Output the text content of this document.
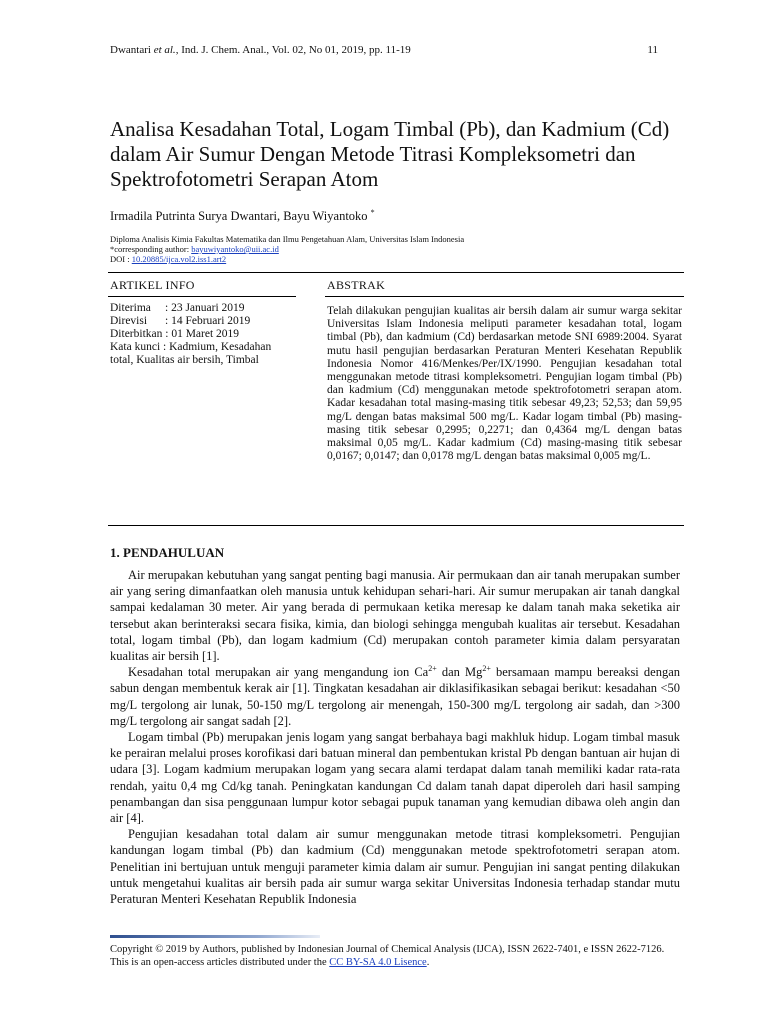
Dwantari et al., Ind. J. Chem. Anal., Vol. 02, No 01, 2019, pp. 11-19	11
Analisa Kesadahan Total, Logam Timbal (Pb), dan Kadmium (Cd) dalam Air Sumur Dengan Metode Titrasi Kompleksometri dan Spektrofotometri Serapan Atom
Irmadila Putrinta Surya Dwantari, Bayu Wiyantoko *
Diploma Analisis Kimia Fakultas Matematika dan Ilmu Pengetahuan Alam, Universitas Islam Indonesia
*corresponding author: bayuwiyantoko@uii.ac.id
DOI : 10.20885/ijca.vol2.iss1.art2
ARTIKEL INFO	ABSTRAK
Diterima	: 23 Januari 2019
Direvisi	: 14 Februari 2019
Diterbitkan : 01 Maret 2019
Kata kunci : Kadmium, Kesadahan total, Kualitas air bersih, Timbal

Telah dilakukan pengujian kualitas air bersih dalam air sumur warga sekitar Universitas Islam Indonesia meliputi parameter kesadahan total, logam timbal (Pb), dan kadmium (Cd) berdasarkan metode SNI 6989:2004. Syarat mutu hasil pengujian berdasarkan Peraturan Menteri Kesehatan Republik Indonesia Nomor 416/Menkes/Per/IX/1990. Pengujian kesadahan total menggunakan metode titrasi kompleksometri. Pengujian logam timbal (Pb) dan kadmium (Cd) menggunakan metode spektrofotometri serapan atom. Kadar kesadahan total masing-masing titik sebesar 49,23; 52,53; dan 59,95 mg/L dengan batas maksimal 500 mg/L. Kadar logam timbal (Pb) masing-masing titik sebesar 0,2995; 0,2271; dan 0,4364 mg/L dengan batas maksimal 0,05 mg/L. Kadar kadmium (Cd) masing-masing titik sebesar 0,0167; 0,0147; dan 0,0178 mg/L dengan batas maksimal 0,005 mg/L.

1. PENDAHULUAN

Air merupakan kebutuhan yang sangat penting bagi manusia. Air permukaan dan air tanah merupakan sumber air yang sering dimanfaatkan oleh manusia untuk kehidupan sehari-hari. Air sumur merupakan air tanah dangkal sampai kedalaman 30 meter. Air yang berada di permukaan ketika meresap ke dalam tanah maka seketika air tersebut akan berinteraksi secara fisika, kimia, dan biologi sehingga mengubah kualitas air tersebut. Kesadahan total, logam timbal (Pb), dan logam kadmium (Cd) merupakan contoh parameter kimia dalam persyaratan kualitas air bersih [1].

Kesadahan total merupakan air yang mengandung ion $Ca^{2+}$ dan $Mg^{2+}$ bersamaan mampu bereaksi dengan sabun dengan membentuk kerak air [1]. Tingkatan kesadahan air diklasifikasikan sebagai berikut: kesadahan <50 mg/L tergolong air lunak, 50-150 mg/L tergolong air menengah, 150-300 mg/L tergolong air sadah, dan >300 mg/L tergolong air sangat sadah [2].

Logam timbal (Pb) merupakan jenis logam yang sangat berbahaya bagi makhluk hidup. Logam timbal masuk ke perairan melalui proses korofikasi dari batuan mineral dan pembentukan kristal Pb dengan bantuan air hujan di udara [3]. Logam kadmium merupakan logam yang secara alami terdapat dalam tanah memiliki kadar rata-rata rendah, yaitu 0,4 mg Cd/kg tanah. Peningkatan kandungan Cd dalam tanah dapat diperoleh dari hasil samping penambangan dan sisa penggunaan lumpur kotor sebagai pupuk tanaman yang kemudian dibawa oleh angin dan air [4].

Pengujian kesadahan total dalam air sumur menggunakan metode titrasi kompleksometri. Pengujian kandungan logam timbal (Pb) dan kadmium (Cd) menggunakan metode spektrofotometri serapan atom. Penelitian ini bertujuan untuk menguji parameter kimia dalam air sumur. Pengujian ini sangat penting dilakukan untuk mengetahui kualitas air bersih pada air sumur warga sekitar Universitas Indonesia terhadap standar mutu Peraturan Menteri Kesehatan Republik Indonesia

Copyright © 2019 by Authors, published by Indonesian Journal of Chemical Analysis (IJCA), ISSN 2622-7401, e ISSN 2622-7126. This is an open-access articles distributed under the CC BY-SA 4.0 Lisence.
